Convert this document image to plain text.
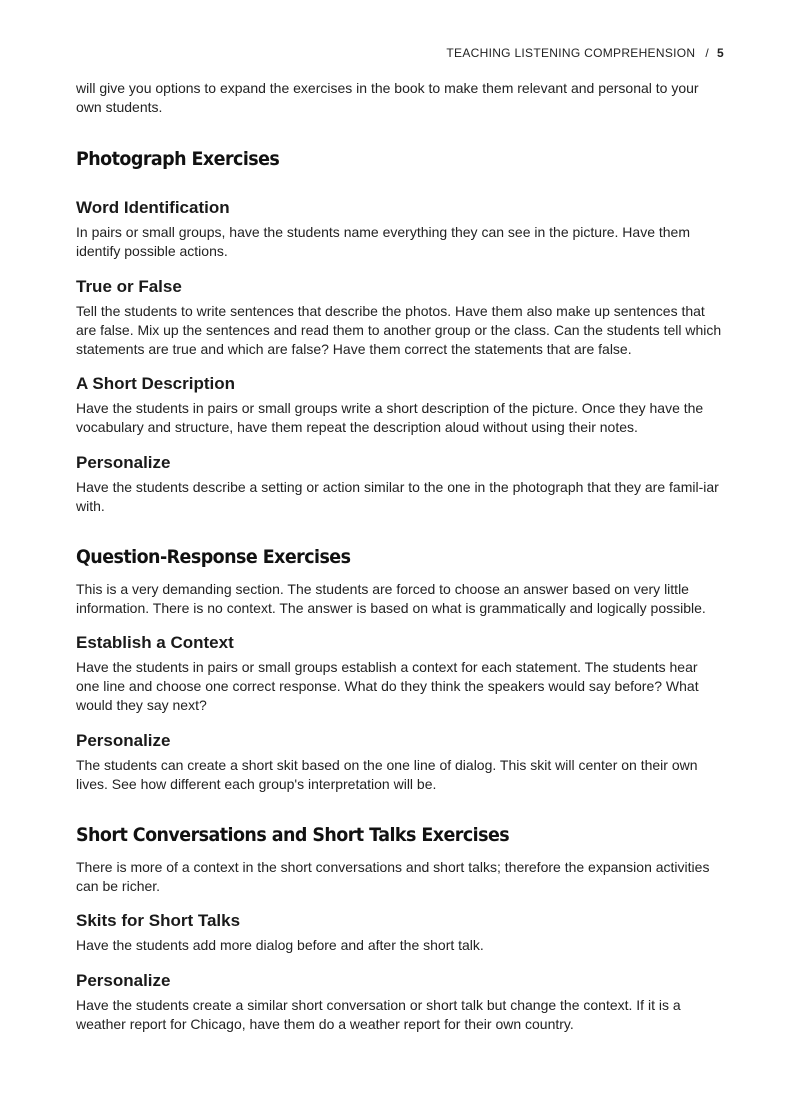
TEACHING LISTENING COMPREHENSION / 5

will give you options to expand the exercises in the book to make them relevant and personal to your own students.

Photograph Exercises
Word Identification

In pairs or small groups, have the students name everything they can see in the picture. Have them identify possible actions.

True or False

Tell the students to write sentences that describe the photos. Have them also make up sentences that are false. Mix up the sentences and read them to another group or the class. Can the students tell which statements are true and which are false? Have them correct the statements that are false.

A Short Description

Have the students in pairs or small groups write a short description of the picture. Once they have the vocabulary and structure, have them repeat the description aloud without using their notes.

Personalize

Have the students describe a setting or action similar to the one in the photograph that they are famil-iar with.

Question-Response Exercises

This is a very demanding section. The students are forced to choose an answer based on very little information. There is no context. The answer is based on what is grammatically and logically possible.

Establish a Context

Have the students in pairs or small groups establish a context for each statement. The students hear one line and choose one correct response. What do they think the speakers would say before? What would they say next?

Personalize

The students can create a short skit based on the one line of dialog. This skit will center on their own lives. See how different each group's interpretation will be.

Short Conversations and Short Talks Exercises

There is more of a context in the short conversations and short talks; therefore the expansion activities can be richer.

Skits for Short Talks

Have the students add more dialog before and after the short talk.

Personalize

Have the students create a similar short conversation or short talk but change the context. If it is a weather report for Chicago, have them do a weather report for their own country.
